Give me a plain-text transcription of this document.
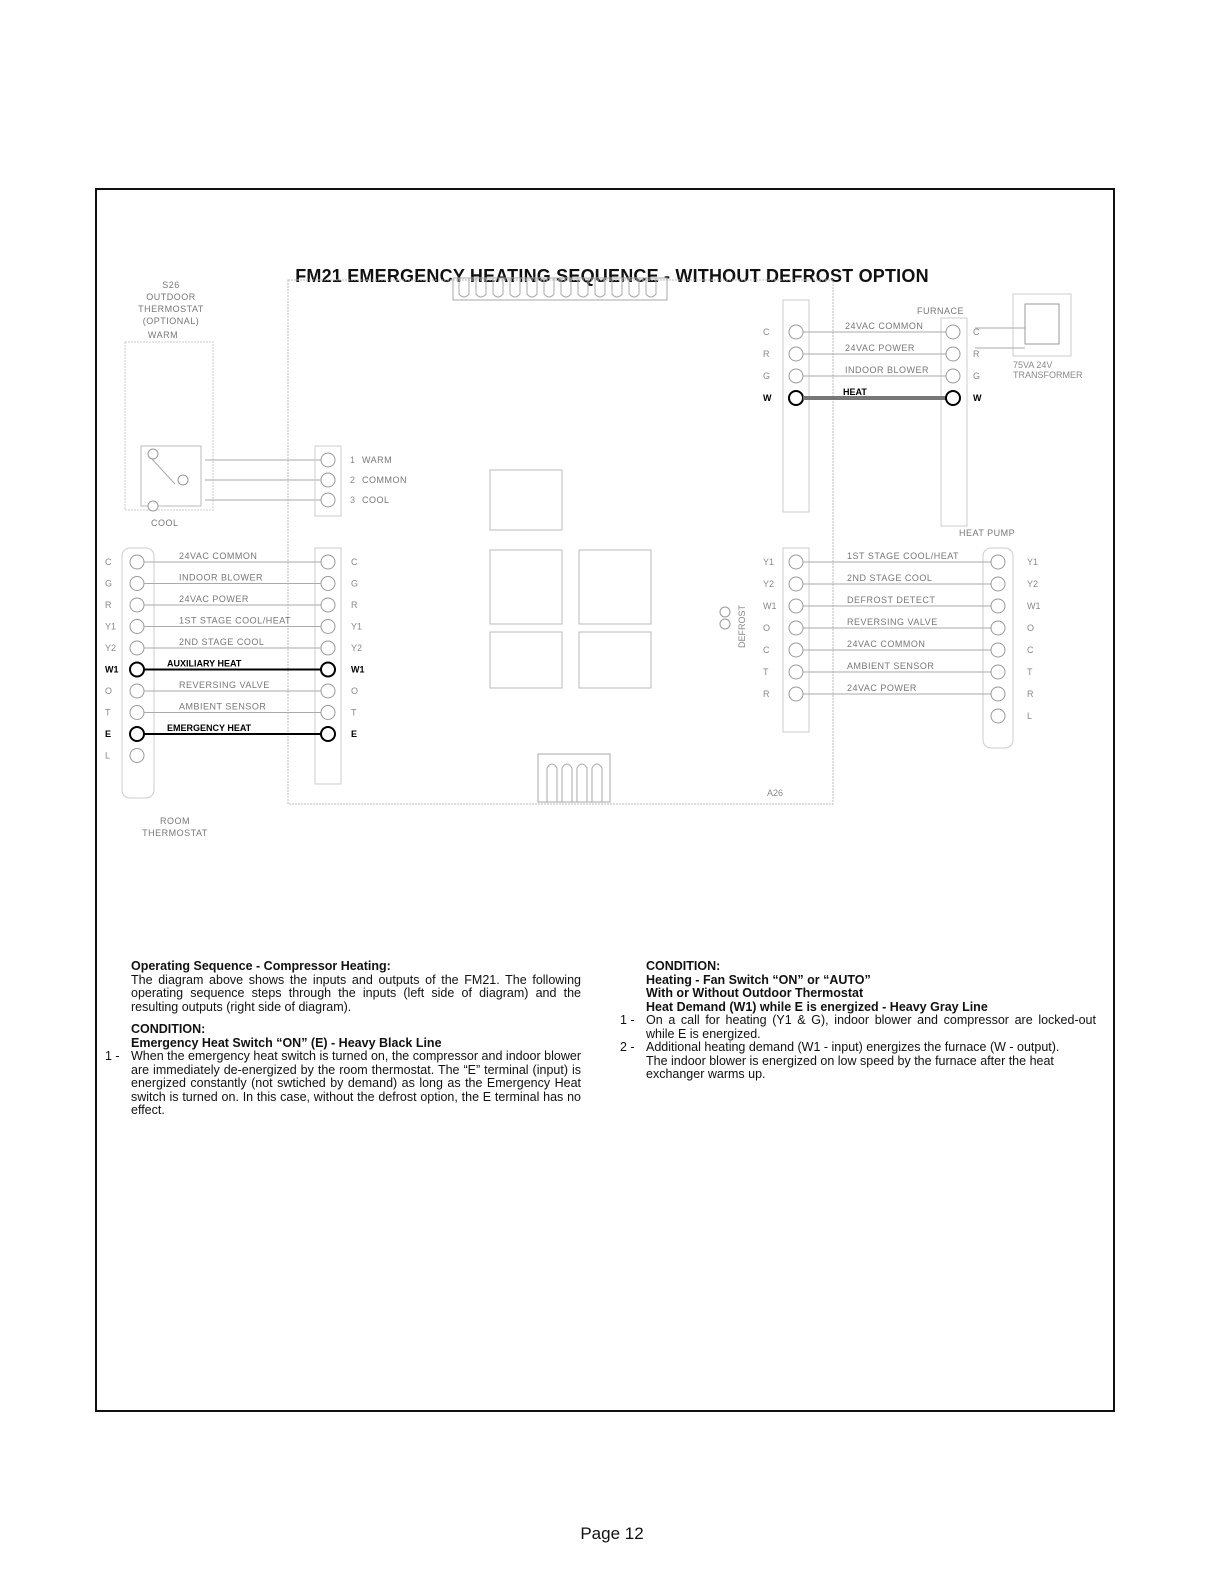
FM21 EMERGENCY HEATING SEQUENCE - WITHOUT DEFROST OPTION
A26
S26
OUTDOOR
THERMOSTAT
(OPTIONAL)
WARM
COOL
1 WARM
2 COMMON
3 COOL
C
24VAC COMMON
C
G
INDOOR BLOWER
G
R
24VAC POWER
R
Y1
1ST STAGE COOL/HEAT
Y1
Y2
2ND STAGE COOL
Y2
W1
AUXILIARY HEAT
W1
O
REVERSING VALVE
O
T
AMBIENT SENSOR
T
E
EMERGENCY HEAT
E
L
ROOM
THERMOSTAT
FURNACE
C
24VAC COMMON
C
R
24VAC POWER
R
G
INDOOR BLOWER
G
W
HEAT
W
75VA 24V
TRANSFORMER
DEFROST
HEAT PUMP
Y1
1ST STAGE COOL/HEAT
Y1
Y2
2ND STAGE COOL
Y2
W1
DEFROST DETECT
W1
O
REVERSING VALVE
O
C
24VAC COMMON
C
T
AMBIENT SENSOR
T
R
24VAC POWER
R
L

Operating Sequence - Compressor Heating:

The diagram above shows the inputs and outputs of the FM21. The following operating sequence steps through the inputs (left side of diagram) and the resulting outputs (right side of diagram).

CONDITION:

Emergency Heat Switch “ON” (E) - Heavy Black Line

1 - When the emergency heat switch is turned on, the compressor and indoor blower are immediately de-energized by the room thermostat. The “E” terminal (input) is energized constantly (not swtiched by demand) as long as the Emergency Heat switch is turned on. In this case, without the defrost option, the E terminal has no effect.

CONDITION:

Heating - Fan Switch “ON” or “AUTO”

With or Without Outdoor Thermostat

Heat Demand (W1) while E is energized - Heavy Gray Line

1 - On a call for heating (Y1 & G), indoor blower and compressor are locked-out while E is energized.

2 - Additional heating demand (W1 - input) energizes the furnace (W - output).

The indoor blower is energized on low speed by the furnace after the heat exchanger warms up.

Page 12
